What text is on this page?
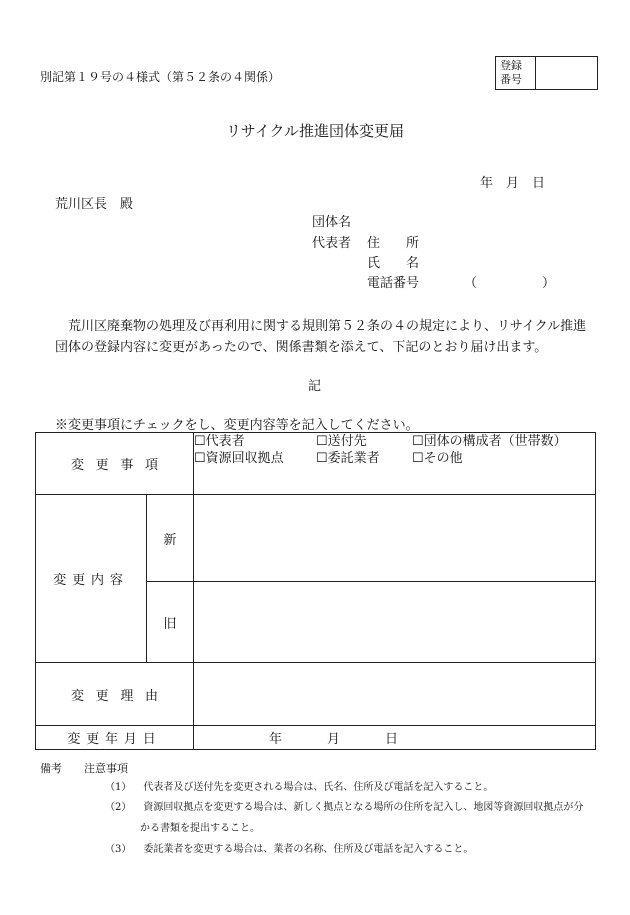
別記第１９号の４様式（第５２条の４関係）
登録
番号
リサイクル推進団体変更届
年　月　日
荒川区長　殿
団体名
代表者 住　　所
氏　　名
電話番号	（　　　　　）
荒川区廃棄物の処理及び再利用に関する規則第５２条の４の規定により、リサイクル推進
団体の登録内容に変更があったので、関係書類を添えて、下記のとおり届け出ます。
記
※変更事項にチェックをし、変更内容等を記入してください。
変更事項		☐代表者 ☐送付先 ☐団体の構成者（世帯数）
☐資源回収拠点 ☐委託業者 ☐その他

変更内容	新	
	旧	
変更理由		
変更年月日		年 月 日
備考 注意事項
（1） 代表者及び送付先を変更される場合は、氏名、住所及び電話を記入すること。
（2） 資源回収拠点を変更する場合は、新しく拠点となる場所の住所を記入し、地図等資源回収拠点が分
かる書類を提出すること。
（3） 委託業者を変更する場合は、業者の名称、住所及び電話を記入すること。
